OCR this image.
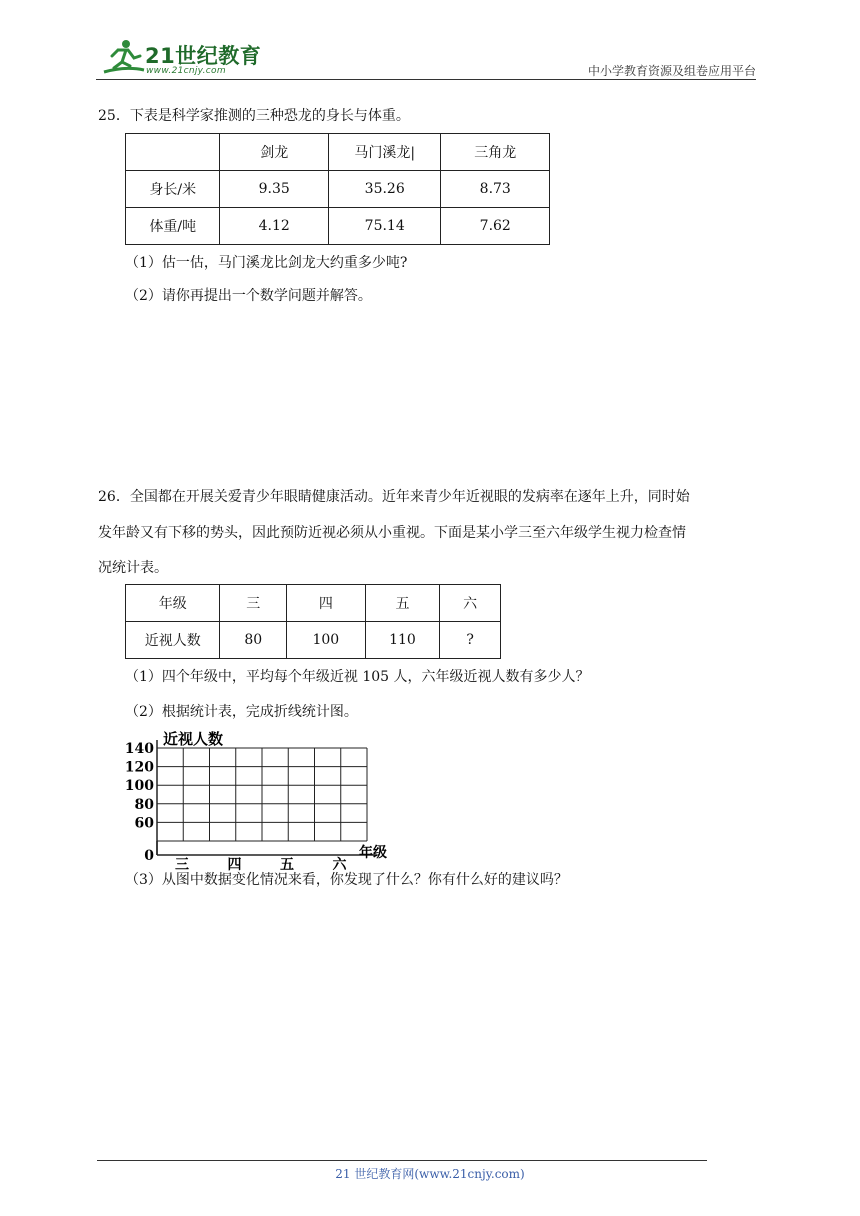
21世纪教育
www.21cnjy.com	中小学教育资源及组卷应用平台
25．下表是科学家推测的三种恐龙的身长与体重。
	剑龙	马门溪龙|	三角龙
身长/米	9.35	35.26	8.73
体重/吨	4.12	75.14	7.62
（1）估一估，马门溪龙比剑龙大约重多少吨?
（2）请你再提出一个数学问题并解答。
26．全国都在开展关爱青少年眼睛健康活动。近年来青少年近视眼的发病率在逐年上升，同时始
发年龄又有下移的势头，因此预防近视必须从小重视。下面是某小学三至六年级学生视力检查情
况统计表。
年级	三	四	五	六
近视人数	80	100	110	?
（1）四个年级中，平均每个年级近视 105 人，六年级近视人数有多少人？
（2）根据统计表，完成折线统计图。
近视人数
140
120
100
80
60
0
三	四	五	六
年级
（3）从图中数据变化情况来看，你发现了什么？你有什么好的建议吗？
21 世纪教育网(www.21cnjy.com)
